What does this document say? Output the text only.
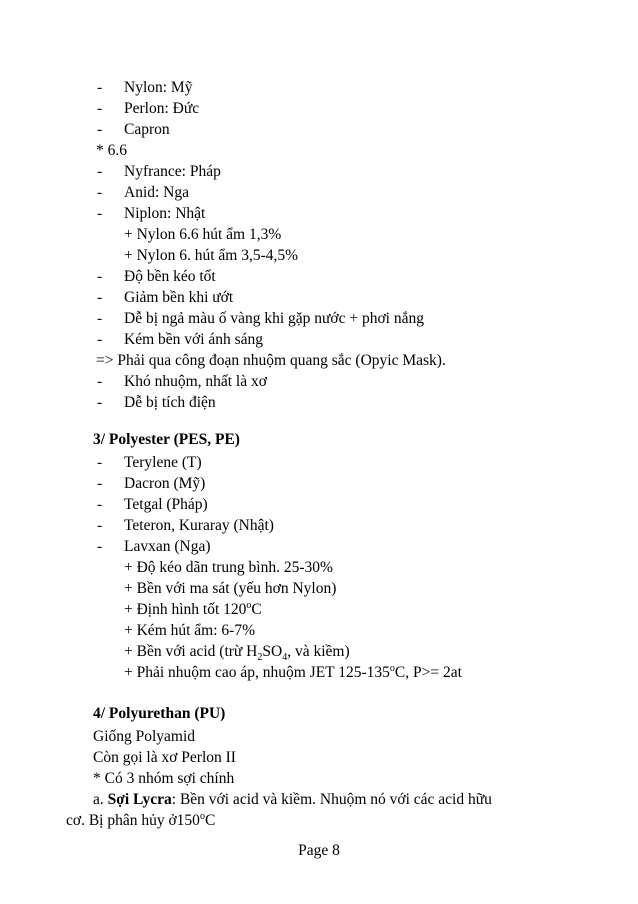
- Nylon: Mỹ
- Perlon: Đức
- Capron
* 6.6
- Nyfrance: Pháp
- Anid: Nga
- Niplon: Nhật
+ Nylon 6.6 hút ẩm 1,3%
+ Nylon 6. hút ẩm 3,5-4,5%
- Độ bền kéo tốt
- Giảm bền khi ướt
- Dễ bị ngả màu ố vàng khi gặp nước + phơi nắng
- Kém bền với ánh sáng
=> Phải qua công đoạn nhuộm quang sắc (Opyic Mask).
- Khó nhuộm, nhất là xơ
- Dễ bị tích điện
3/ Polyester (PES, PE)
- Terylene (T)
- Dacron (Mỹ)
- Tetgal (Pháp)
- Teteron, Kuraray (Nhật)
- Lavxan (Nga)
+ Độ kéo dãn trung bình. 25-30%
+ Bền với ma sát (yếu hơn Nylon)
+ Định hình tốt $120^oC$
+ Kém hút ẩm: 6-7%
+ Bền với acid (trừ $H_2SO_4$, và kiềm)
+ Phải nhuộm cao áp, nhuộm JET 125-135$^o$C, P>= 2at
4/ Polyurethan (PU)
Giống Polyamid
Còn gọi là xơ Perlon II
* Có 3 nhóm sợi chính
a. Sợi Lycra: Bền với acid và kiềm. Nhuộm nó với các acid hữu
cơ. Bị phân hủy ở150$^o$C
Page 8
